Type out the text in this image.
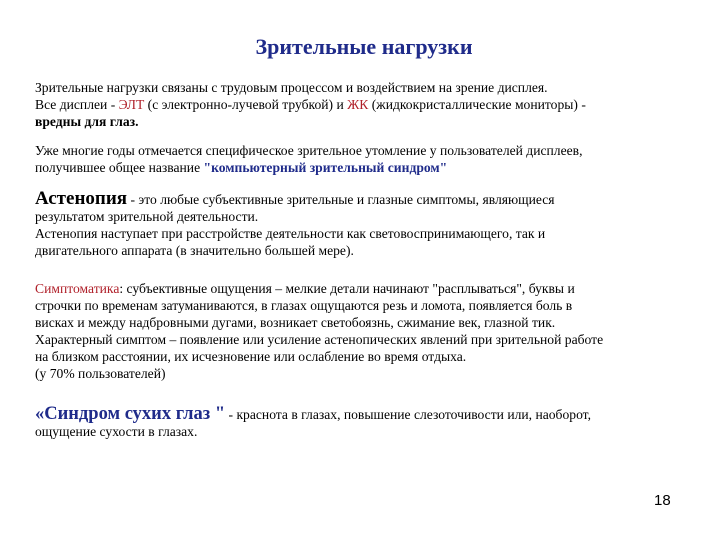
Зрительные нагрузки

Зрительные нагрузки связаны с трудовым процессом и воздействием на зрение дисплея.

Все дисплеи - ЭЛТ (с электронно-лучевой трубкой) и ЖК (жидкокристаллические мониторы) -

вредны для глаз.

Уже многие годы отмечается специфическое зрительное утомление у пользователей дисплеев,

получившее общее название "компьютерный зрительный синдром"

Астенопия - это любые субъективные зрительные и глазные симптомы, являющиеся

результатом зрительной деятельности.

Астенопия наступает при расстройстве деятельности как световоспринимающего, так и

двигательного аппарата (в значительно большей мере).

Симптоматика: субъективные ощущения – мелкие детали начинают "расплываться", буквы и

строчки по временам затуманиваются, в глазах ощущаются резь и ломота, появляется боль в

висках и между надбровными дугами, возникает светобоязнь, сжимание век, глазной тик.

Характерный симптом – появление или усиление астенопических явлений при зрительной работе

на близком расстоянии, их исчезновение или ослабление во время отдыха.

(у 70% пользователей)

«Синдром сухих глаз " - краснота в глазах, повышение слезоточивости или, наоборот,

ощущение сухости в глазах.

18
